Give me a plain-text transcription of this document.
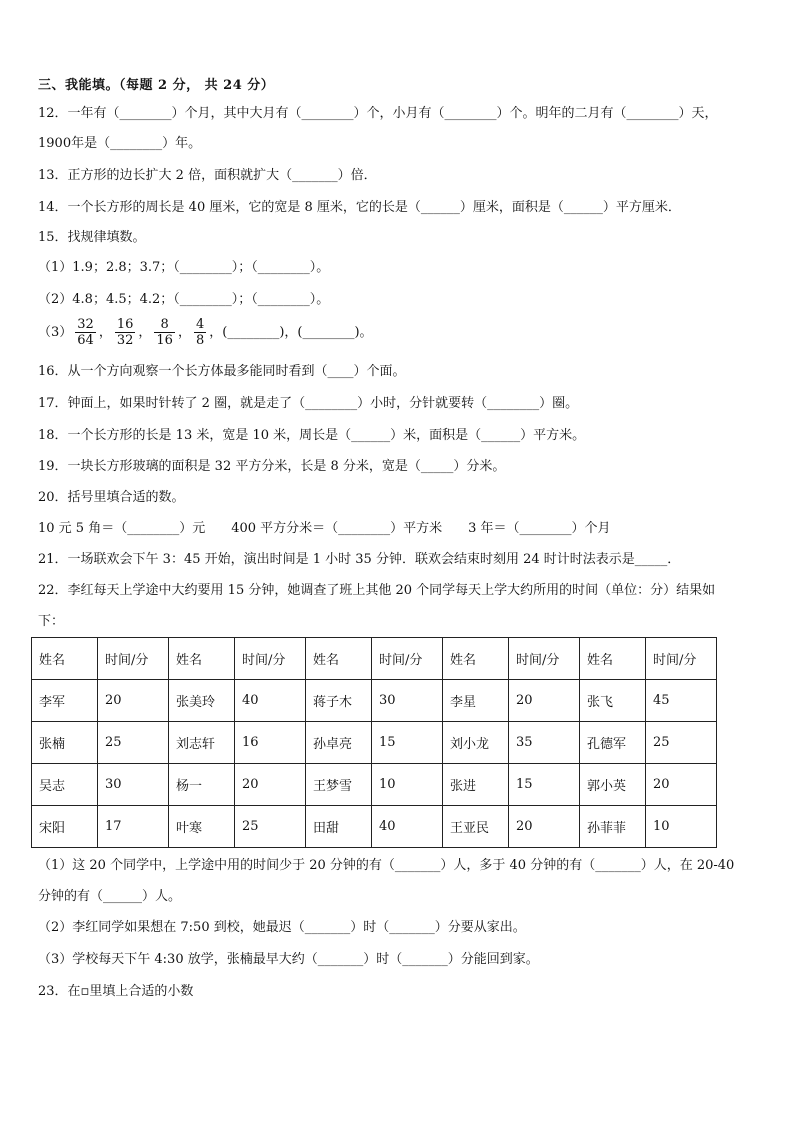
三、我能填。（每题 2 分， 共 24 分）
12．一年有（________）个月，其中大月有（________）个，小月有（________）个。明年的二月有（________）天，
1900年是（________）年。
13．正方形的边长扩大 2 倍，面积就扩大（_______）倍．
14．一个长方形的周长是 40 厘米，它的宽是 8 厘米，它的长是（______）厘米，面积是（______）平方厘米．
15．找规律填数。
（1）1.9；2.8；3.7；（________）；（________）。
（2）4.8；4.5；4.2；（________）；（________）。
$(3) \frac{32}{64}$ ， $\frac{16}{32}$ ， $\frac{8}{16}$ ， $\frac{4}{8}$ ，(________)，(________)。
16．从一个方向观察一个长方体最多能同时看到（____）个面。
17．钟面上，如果时针转了 2 圈，就是走了（________）小时，分针就要转（________）圈。
18．一个长方形的长是 13 米，宽是 10 米，周长是（______）米，面积是（______）平方米。
19．一块长方形玻璃的面积是 32 平方分米，长是 8 分米，宽是（_____）分米。
20．括号里填合适的数。
10 元 5 角＝（________）元　　400 平方分米＝（________）平方米　　3 年＝（________）个月
21．一场联欢会下午 3：45 开始，演出时间是 1 小时 35 分钟．联欢会结束时刻用 24 时计时法表示是_____．
22．李红每天上学途中大约要用 15 分钟，她调查了班上其他 20 个同学每天上学大约所用的时间（单位：分）结果如
下：
姓名	时间/分	姓名	时间/分	姓名	时间/分	姓名	时间/分	姓名	时间/分
李军	20	张美玲	40	蒋子木	30	李星	20	张飞	45
张楠	25	刘志轩	16	孙卓亮	15	刘小龙	35	孔德军	25
吴志	30	杨一	20	王梦雪	10	张进	15	郭小英	20
宋阳	17	叶寒	25	田甜	40	王亚民	20	孙菲菲	10
（1）这 20 个同学中，上学途中用的时间少于 20 分钟的有（_______）人，多于 40 分钟的有（_______）人，在 20-40
分钟的有（______）人。
（2）李红同学如果想在 7:50 到校，她最迟（_______）时（_______）分要从家出。
（3）学校每天下午 4:30 放学，张楠最早大约（_______）时（_______）分能回到家。
23．在▫里填上合适的小数
